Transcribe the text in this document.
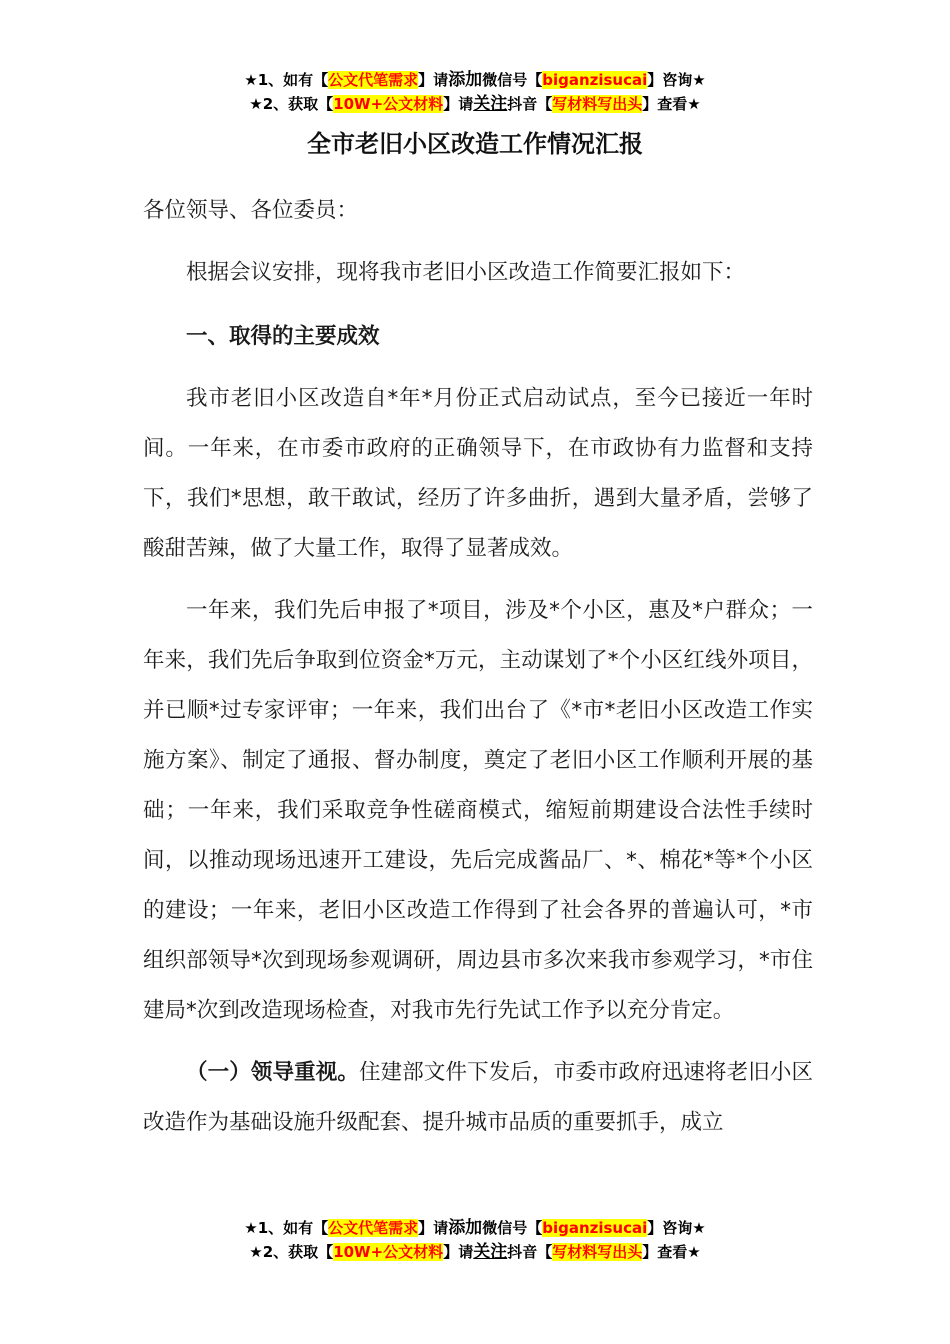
★1、如有【公文代笔需求】请添加微信号【biganzisucai】咨询★
★2、获取【10W+公文材料】请关注抖音【写材料写出头】查看★
全市老旧小区改造工作情况汇报

各位领导、各位委员：

根据会议安排，现将我市老旧小区改造工作简要汇报如下：

一、取得的主要成效

我市老旧小区改造自*年*月份正式启动试点，至今已接近一年时间。一年来，在市委市政府的正确领导下，在市政协有力监督和支持下，我们*思想，敢干敢试，经历了许多曲折，遇到大量矛盾，尝够了酸甜苦辣，做了大量工作，取得了显著成效。

一年来，我们先后申报了*项目，涉及*个小区，惠及*户群众；一年来，我们先后争取到位资金*万元，主动谋划了*个小区红线外项目，并已顺*过专家评审；一年来，我们出台了《*市*老旧小区改造工作实施方案》、制定了通报、督办制度，奠定了老旧小区工作顺利开展的基础；一年来，我们采取竞争性磋商模式，缩短前期建设合法性手续时间，以推动现场迅速开工建设，先后完成酱品厂、*、棉花*等*个小区的建设；一年来，老旧小区改造工作得到了社会各界的普遍认可，*市组织部领导*次到现场参观调研，周边县市多次来我市参观学习，*市住建局*次到改造现场检查，对我市先行先试工作予以充分肯定。

（一）领导重视。住建部文件下发后，市委市政府迅速将老旧小区改造作为基础设施升级配套、提升城市品质的重要抓手，成立

★1、如有【公文代笔需求】请添加微信号【biganzisucai】咨询★
★2、获取【10W+公文材料】请关注抖音【写材料写出头】查看★
